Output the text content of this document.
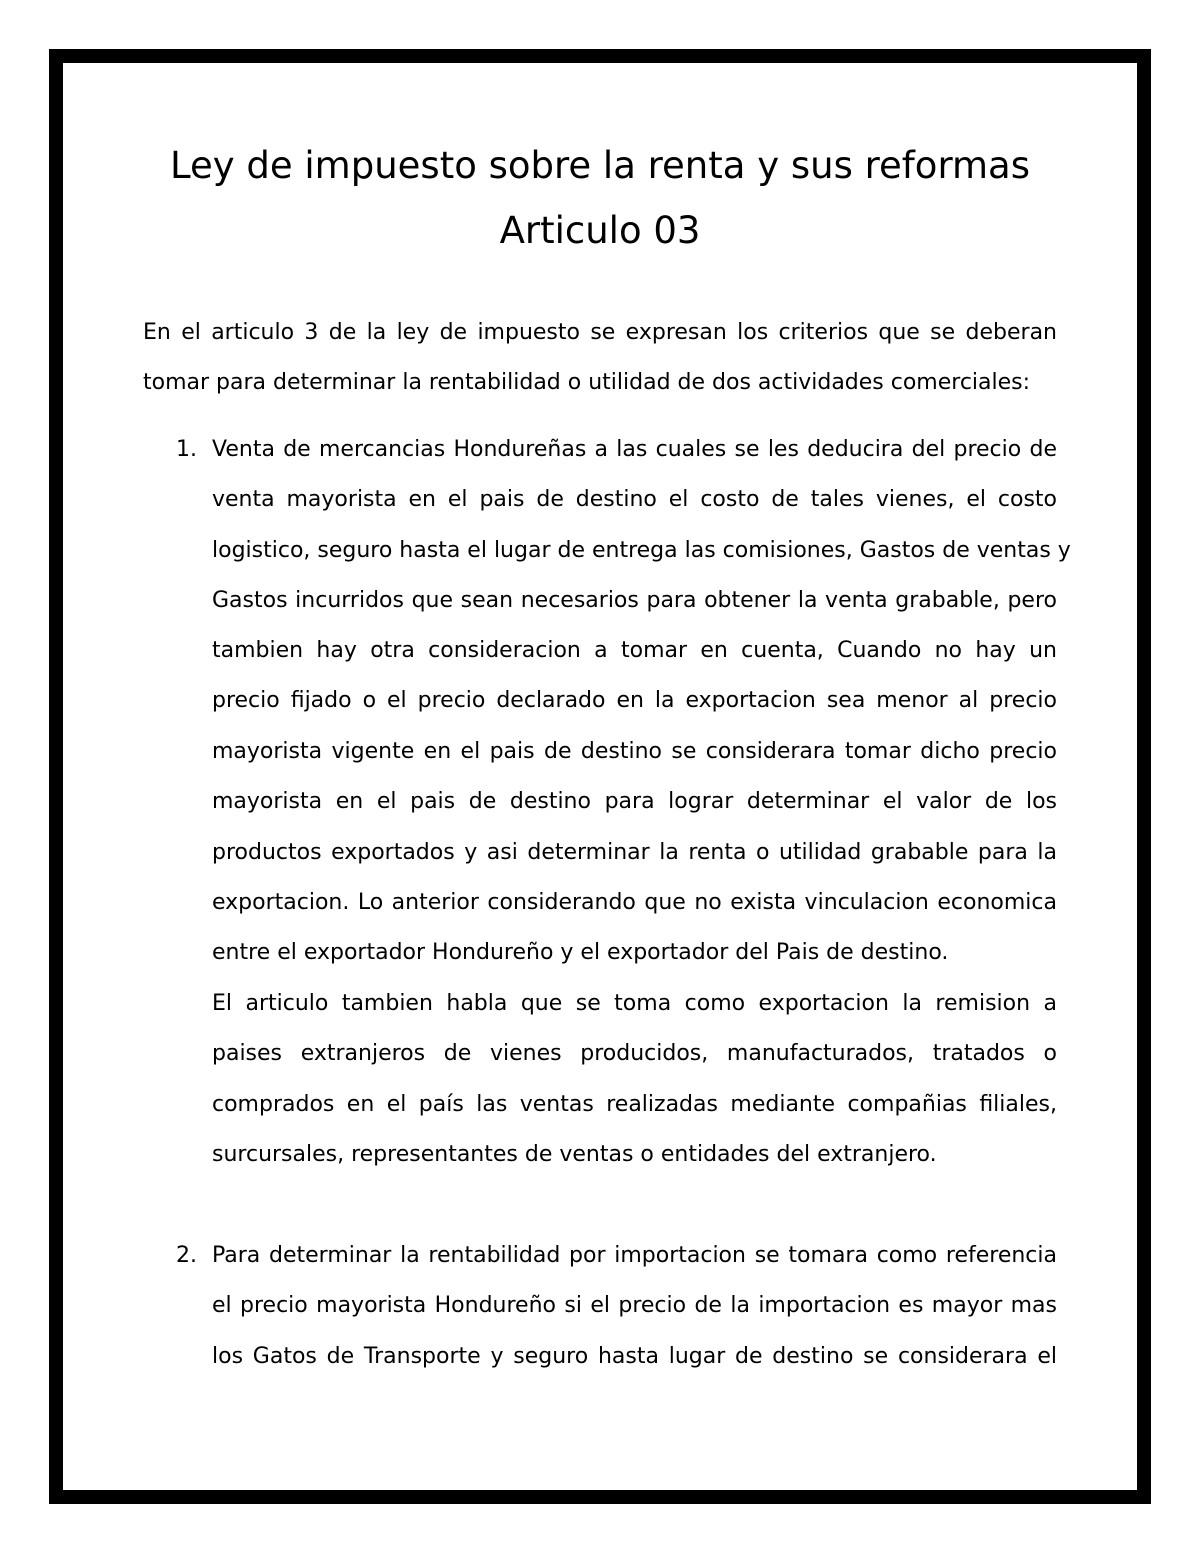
Ley de impuesto sobre la renta y sus reformas
Articulo 03
En el articulo 3 de la ley de impuesto se expresan los criterios que se deberan
tomar para determinar la rentabilidad o utilidad de dos actividades comerciales:
1. Venta de mercancias Hondureñas a las cuales se les deducira del precio de
venta mayorista en el pais de destino el costo de tales vienes, el costo
logistico, seguro hasta el lugar de entrega las comisiones, Gastos de ventas y
Gastos incurridos que sean necesarios para obtener la venta grabable, pero
tambien hay otra consideracion a tomar en cuenta, Cuando no hay un
precio fijado o el precio declarado en la exportacion sea menor al precio
mayorista vigente en el pais de destino se considerara tomar dicho precio
mayorista en el pais de destino para lograr determinar el valor de los
productos exportados y asi determinar la renta o utilidad grabable para la
exportacion. Lo anterior considerando que no exista vinculacion economica
entre el exportador Hondureño y el exportador del Pais de destino.
El articulo tambien habla que se toma como exportacion la remision a
paises extranjeros de vienes producidos, manufacturados, tratados o
comprados en el país las ventas realizadas mediante compañias filiales,
surcursales, representantes de ventas o entidades del extranjero.
2. Para determinar la rentabilidad por importacion se tomara como referencia
el precio mayorista Hondureño si el precio de la importacion es mayor mas
los Gatos de Transporte y seguro hasta lugar de destino se considerara el
